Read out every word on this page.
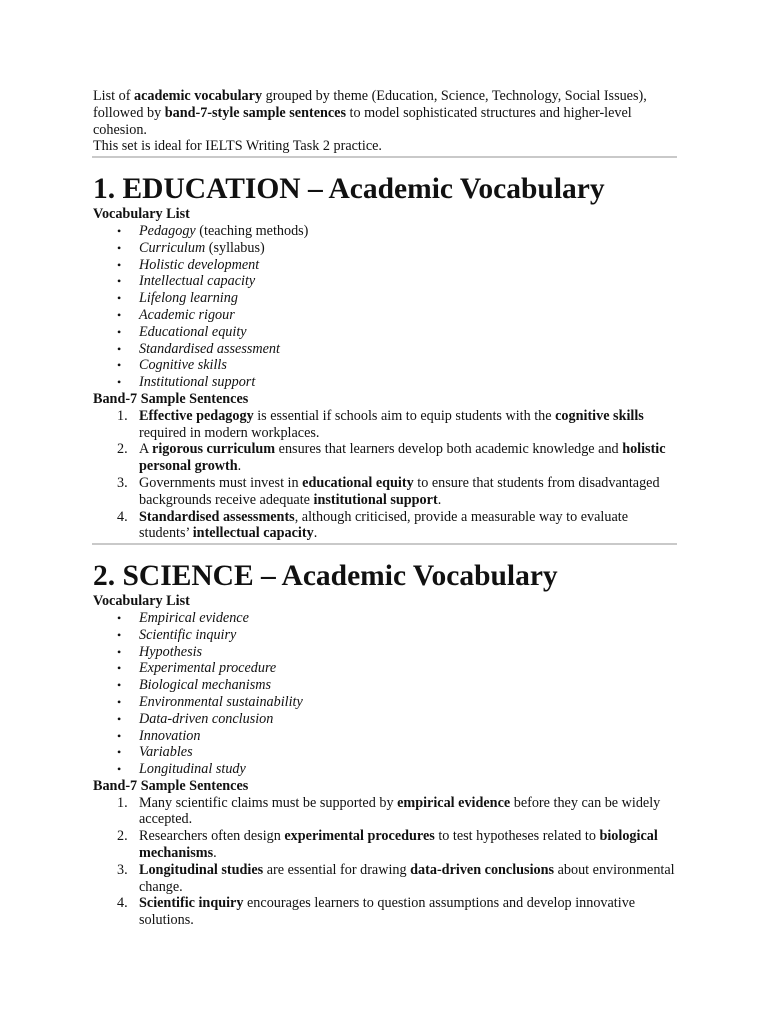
List of academic vocabulary grouped by theme (Education, Science, Technology, Social Issues), followed by band-7-style sample sentences to model sophisticated structures and higher-level cohesion.

This set is ideal for IELTS Writing Task 2 practice.

1. EDUCATION – Academic Vocabulary

Vocabulary List

• Pedagogy (teaching methods)
• Curriculum (syllabus)
• Holistic development
• Intellectual capacity
• Lifelong learning
• Academic rigour
• Educational equity
• Standardised assessment
• Cognitive skills
• Institutional support

Band-7 Sample Sentences

1. Effective pedagogy is essential if schools aim to equip students with the cognitive skills required in modern workplaces.
2. A rigorous curriculum ensures that learners develop both academic knowledge and holistic personal growth.
3. Governments must invest in educational equity to ensure that students from disadvantaged backgrounds receive adequate institutional support.
4. Standardised assessments, although criticised, provide a measurable way to evaluate students’ intellectual capacity.
2. SCIENCE – Academic Vocabulary

Vocabulary List

• Empirical evidence
• Scientific inquiry
• Hypothesis
• Experimental procedure
• Biological mechanisms
• Environmental sustainability
• Data-driven conclusion
• Innovation
• Variables
• Longitudinal study

Band-7 Sample Sentences

1. Many scientific claims must be supported by empirical evidence before they can be widely accepted.
2. Researchers often design experimental procedures to test hypotheses related to biological mechanisms.
3. Longitudinal studies are essential for drawing data-driven conclusions about environmental change.
4. Scientific inquiry encourages learners to question assumptions and develop innovative solutions.
